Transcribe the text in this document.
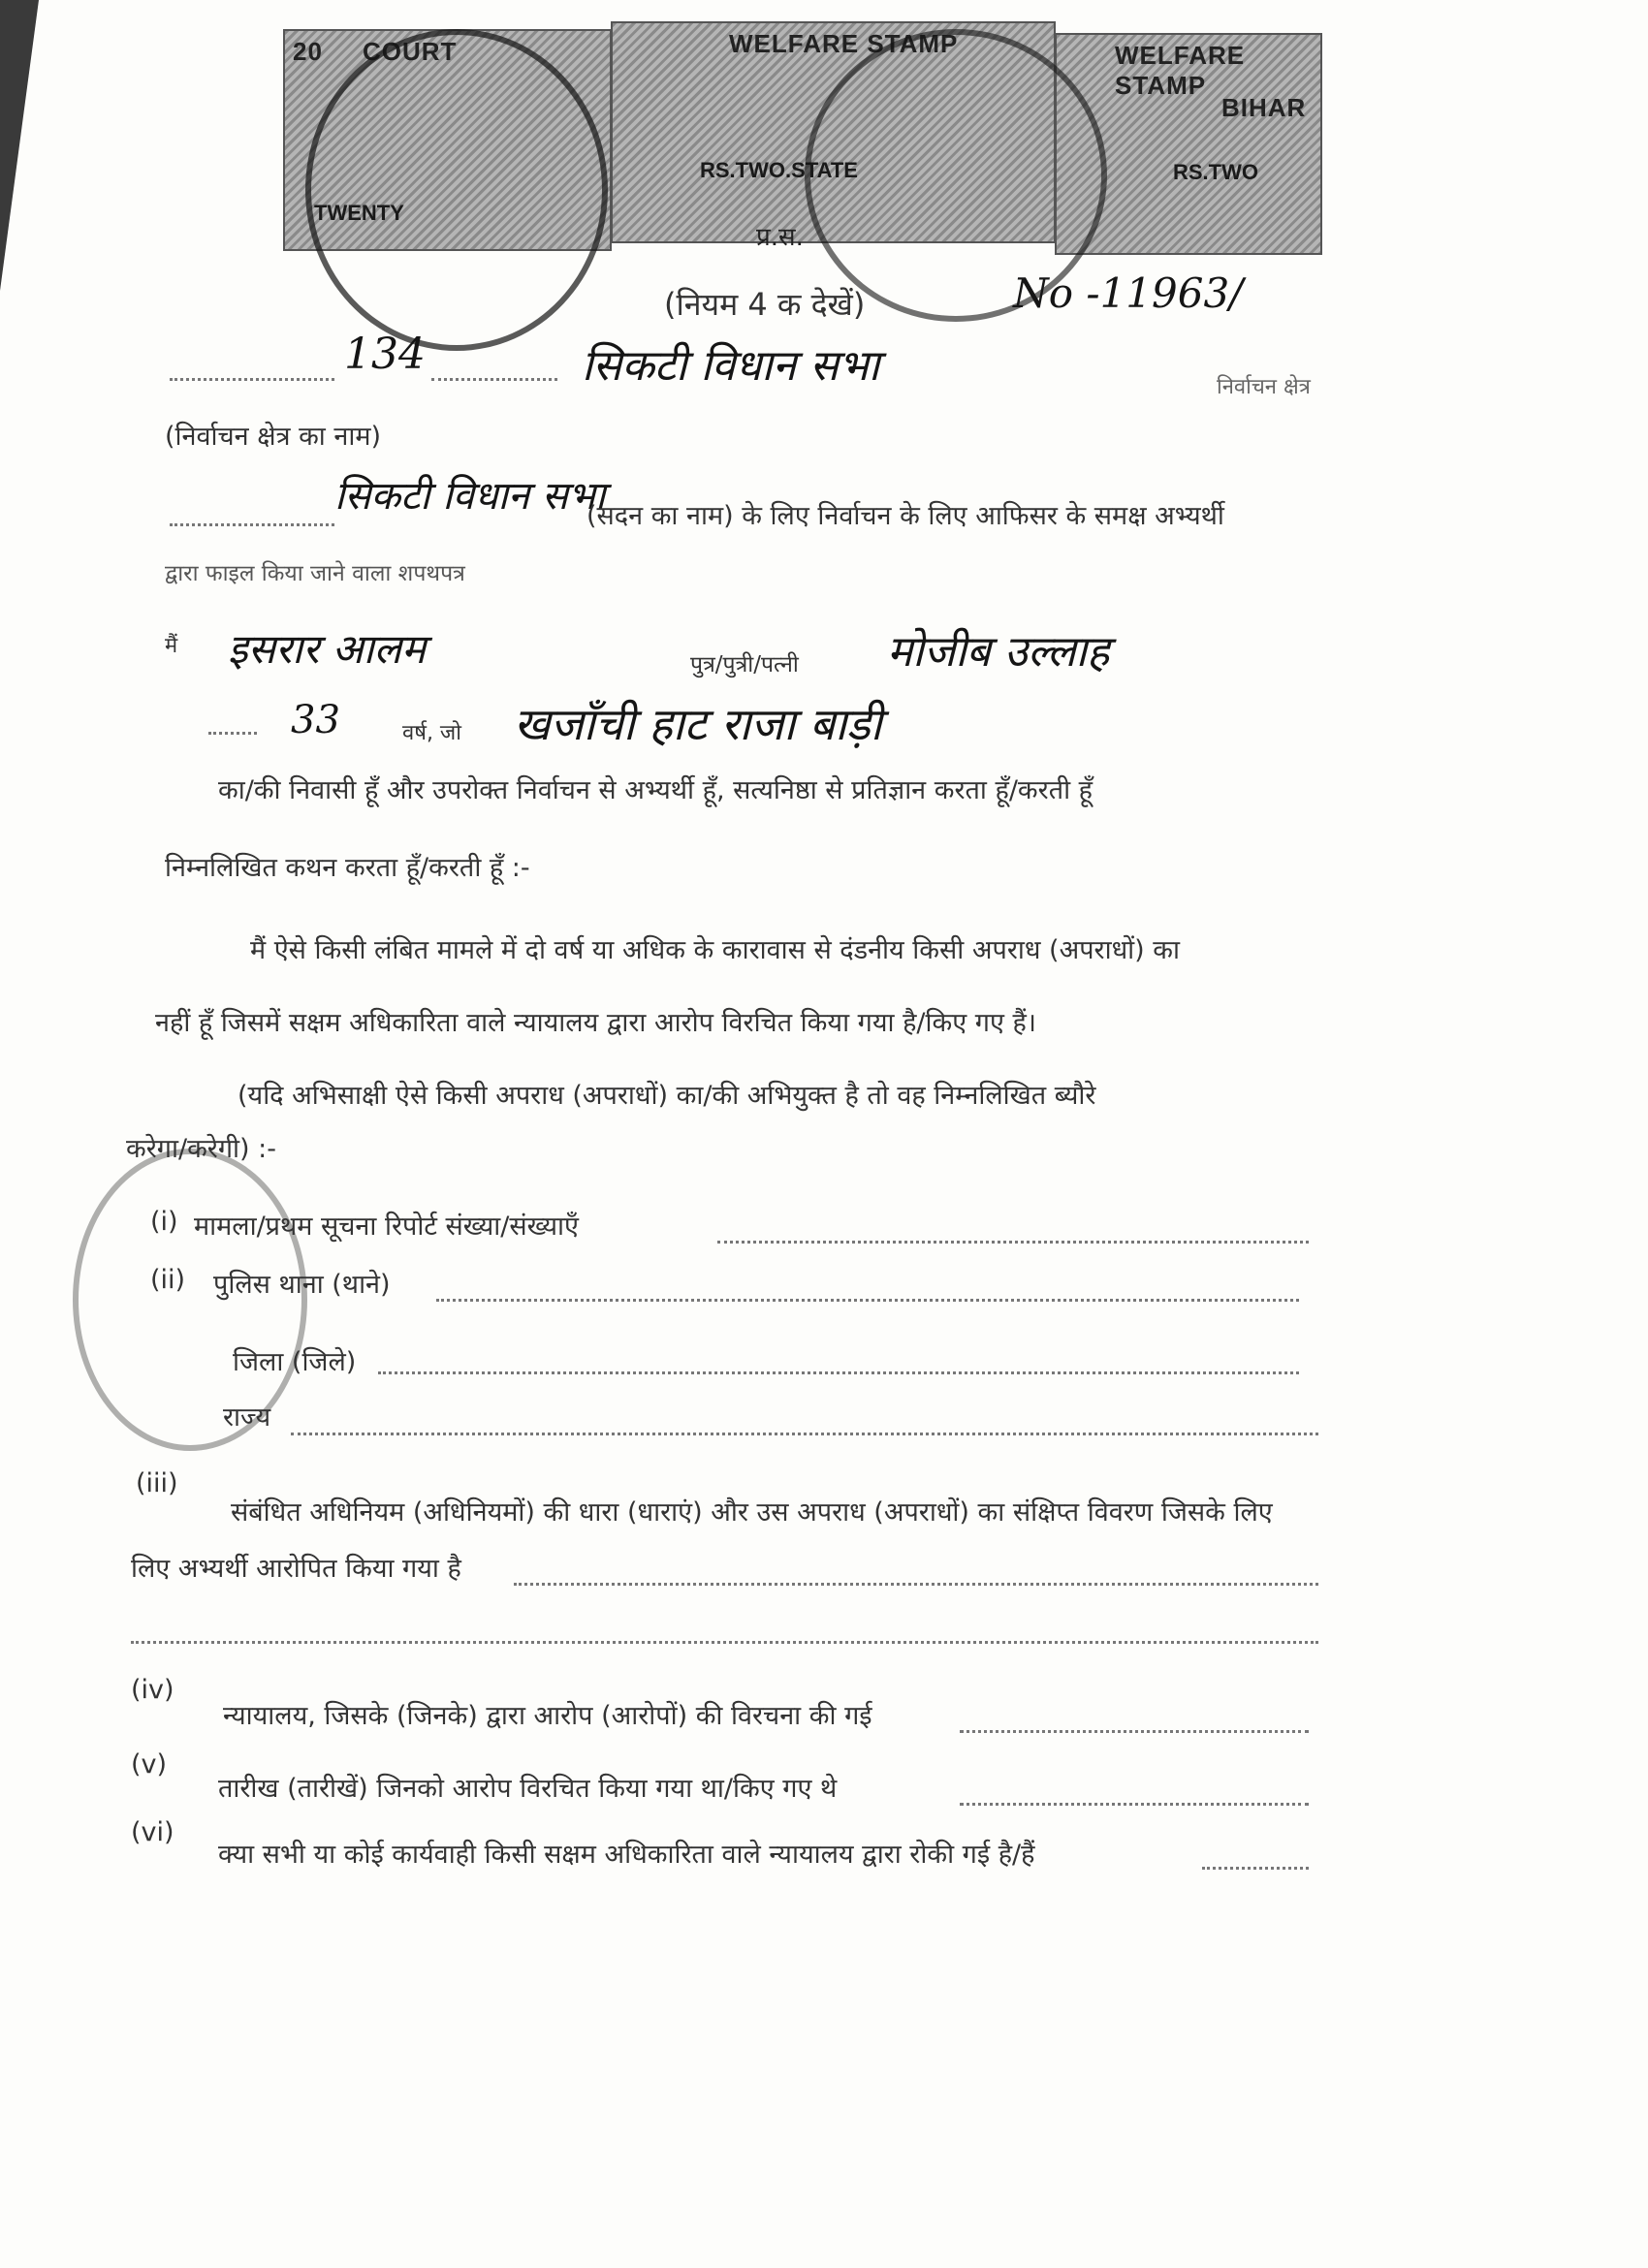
20 COURT
TWENTY
WELFARE STAMP
RS.TWO.STATE
WELFARE STAMP
BIHAR
RS.TWO
प्र.स.
(नियम 4 क देखें)	No -11963/
134	सिकटी विधान सभा	निर्वाचन क्षेत्र
(निर्वाचन क्षेत्र का नाम)
सिकटी विधान सभा
(सदन का नाम) के लिए निर्वाचन के लिए आफिसर के समक्ष अभ्यर्थी
द्वारा फाइल किया जाने वाला शपथपत्र
मैं इसरार आलम	पुत्र/पुत्री/पत्नी मोजीब उल्लाह
33	वर्ष, जो खजाँची हाट राजा बाड़ी
का/की निवासी हूँ और उपरोक्त निर्वाचन से अभ्यर्थी हूँ, सत्यनिष्ठा से प्रतिज्ञान करता हूँ/करती हूँ
निम्नलिखित कथन करता हूँ/करती हूँ :-
मैं ऐसे किसी लंबित मामले में दो वर्ष या अधिक के कारावास से दंडनीय किसी अपराध (अपराधों) का
नहीं हूँ जिसमें सक्षम अधिकारिता वाले न्यायालय द्वारा आरोप विरचित किया गया है/किए गए हैं।
(यदि अभिसाक्षी ऐसे किसी अपराध (अपराधों) का/की अभियुक्त है तो वह निम्नलिखित ब्यौरे
करेगा/करेगी) :-
(i) मामला/प्रथम सूचना रिपोर्ट संख्या/संख्याएँ
(ii) पुलिस थाना (थाने)
जिला (जिले)
राज्य
(iii)
संबंधित अधिनियम (अधिनियमों) की धारा (धाराएं) और उस अपराध (अपराधों) का संक्षिप्त विवरण जिसके लिए
लिए अभ्यर्थी आरोपित किया गया है
(iv)
न्यायालय, जिसके (जिनके) द्वारा आरोप (आरोपों) की विरचना की गई
(v)
तारीख (तारीखें) जिनको आरोप विरचित किया गया था/किए गए थे
(vi)
क्या सभी या कोई कार्यवाही किसी सक्षम अधिकारिता वाले न्यायालय द्वारा रोकी गई है/हैं
